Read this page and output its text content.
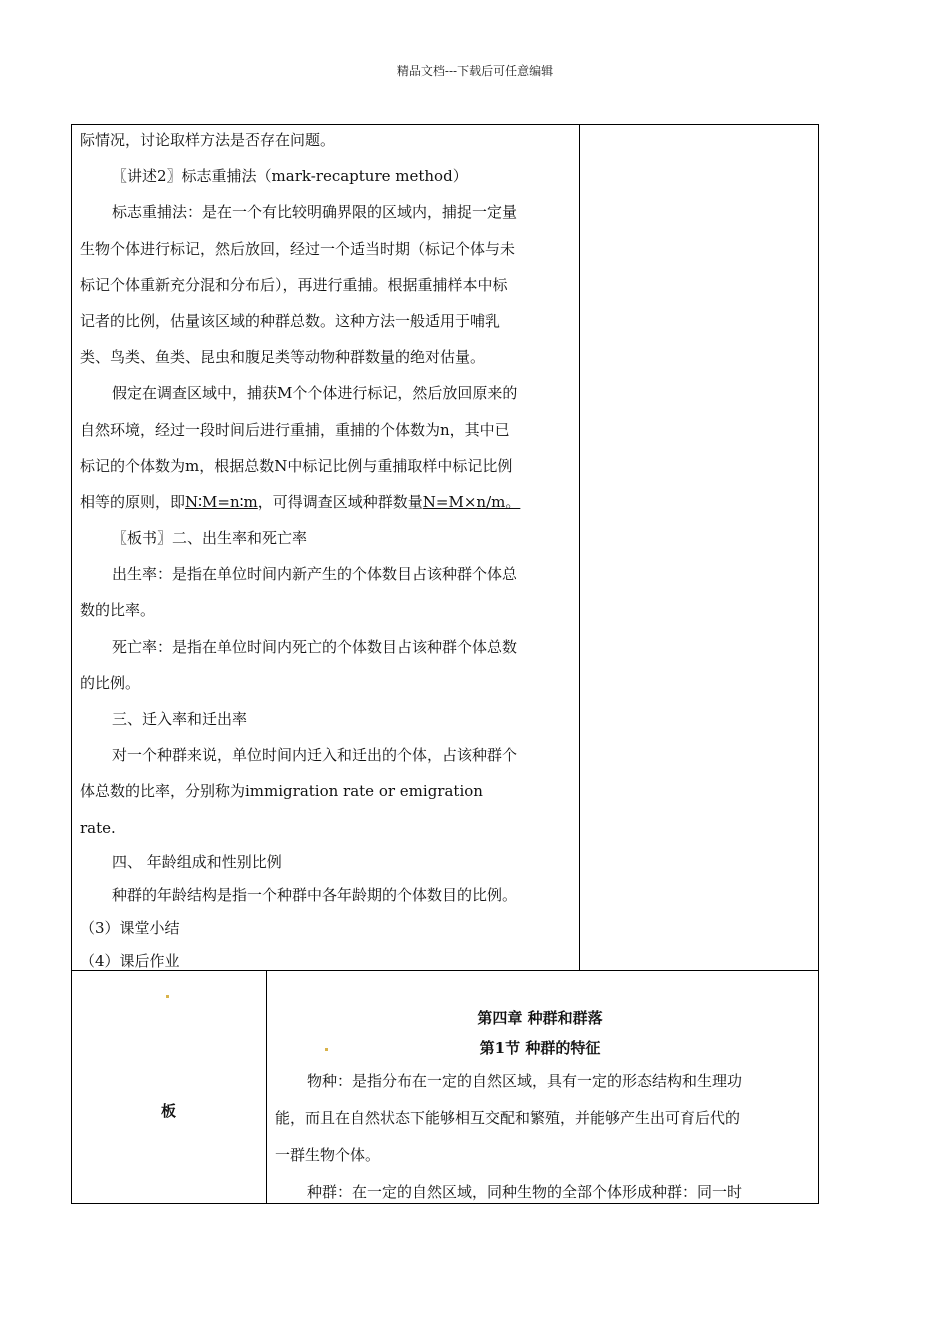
精品文档---下载后可任意编辑
际情况，讨论取样方法是否存在问题。
〖讲述2〗标志重捕法（mark-recapture method）
标志重捕法：是在一个有比较明确界限的区域内，捕捉一定量
生物个体进行标记，然后放回，经过一个适当时期（标记个体与未
标记个体重新充分混和分布后），再进行重捕。根据重捕样本中标
记者的比例，估量该区域的种群总数。这种方法一般适用于哺乳
类、鸟类、鱼类、昆虫和腹足类等动物种群数量的绝对估量。
假定在调查区域中，捕获M个个体进行标记，然后放回原来的
自然环境，经过一段时间后进行重捕，重捕的个体数为n，其中已
标记的个体数为m，根据总数N中标记比例与重捕取样中标记比例
相等的原则，即N∶M=n∶m，可得调查区域种群数量N=M×n/m。
〖板书〗二、出生率和死亡率
出生率：是指在单位时间内新产生的个体数目占该种群个体总
数的比率。
死亡率：是指在单位时间内死亡的个体数目占该种群个体总数
的比例。
三、迁入率和迁出率
对一个种群来说，单位时间内迁入和迁出的个体，占该种群个
体总数的比率，分别称为immigration rate or emigration
rate.
四、 年龄组成和性别比例
种群的年龄结构是指一个种群中各年龄期的个体数目的比例。
（3）课堂小结
（4）课后作业
板
第四章 种群和群落
第1节 种群的特征
物种：是指分布在一定的自然区域，具有一定的形态结构和生理功
能，而且在自然状态下能够相互交配和繁殖，并能够产生出可育后代的
一群生物个体。
种群：在一定的自然区域，同种生物的全部个体形成种群：同一时
